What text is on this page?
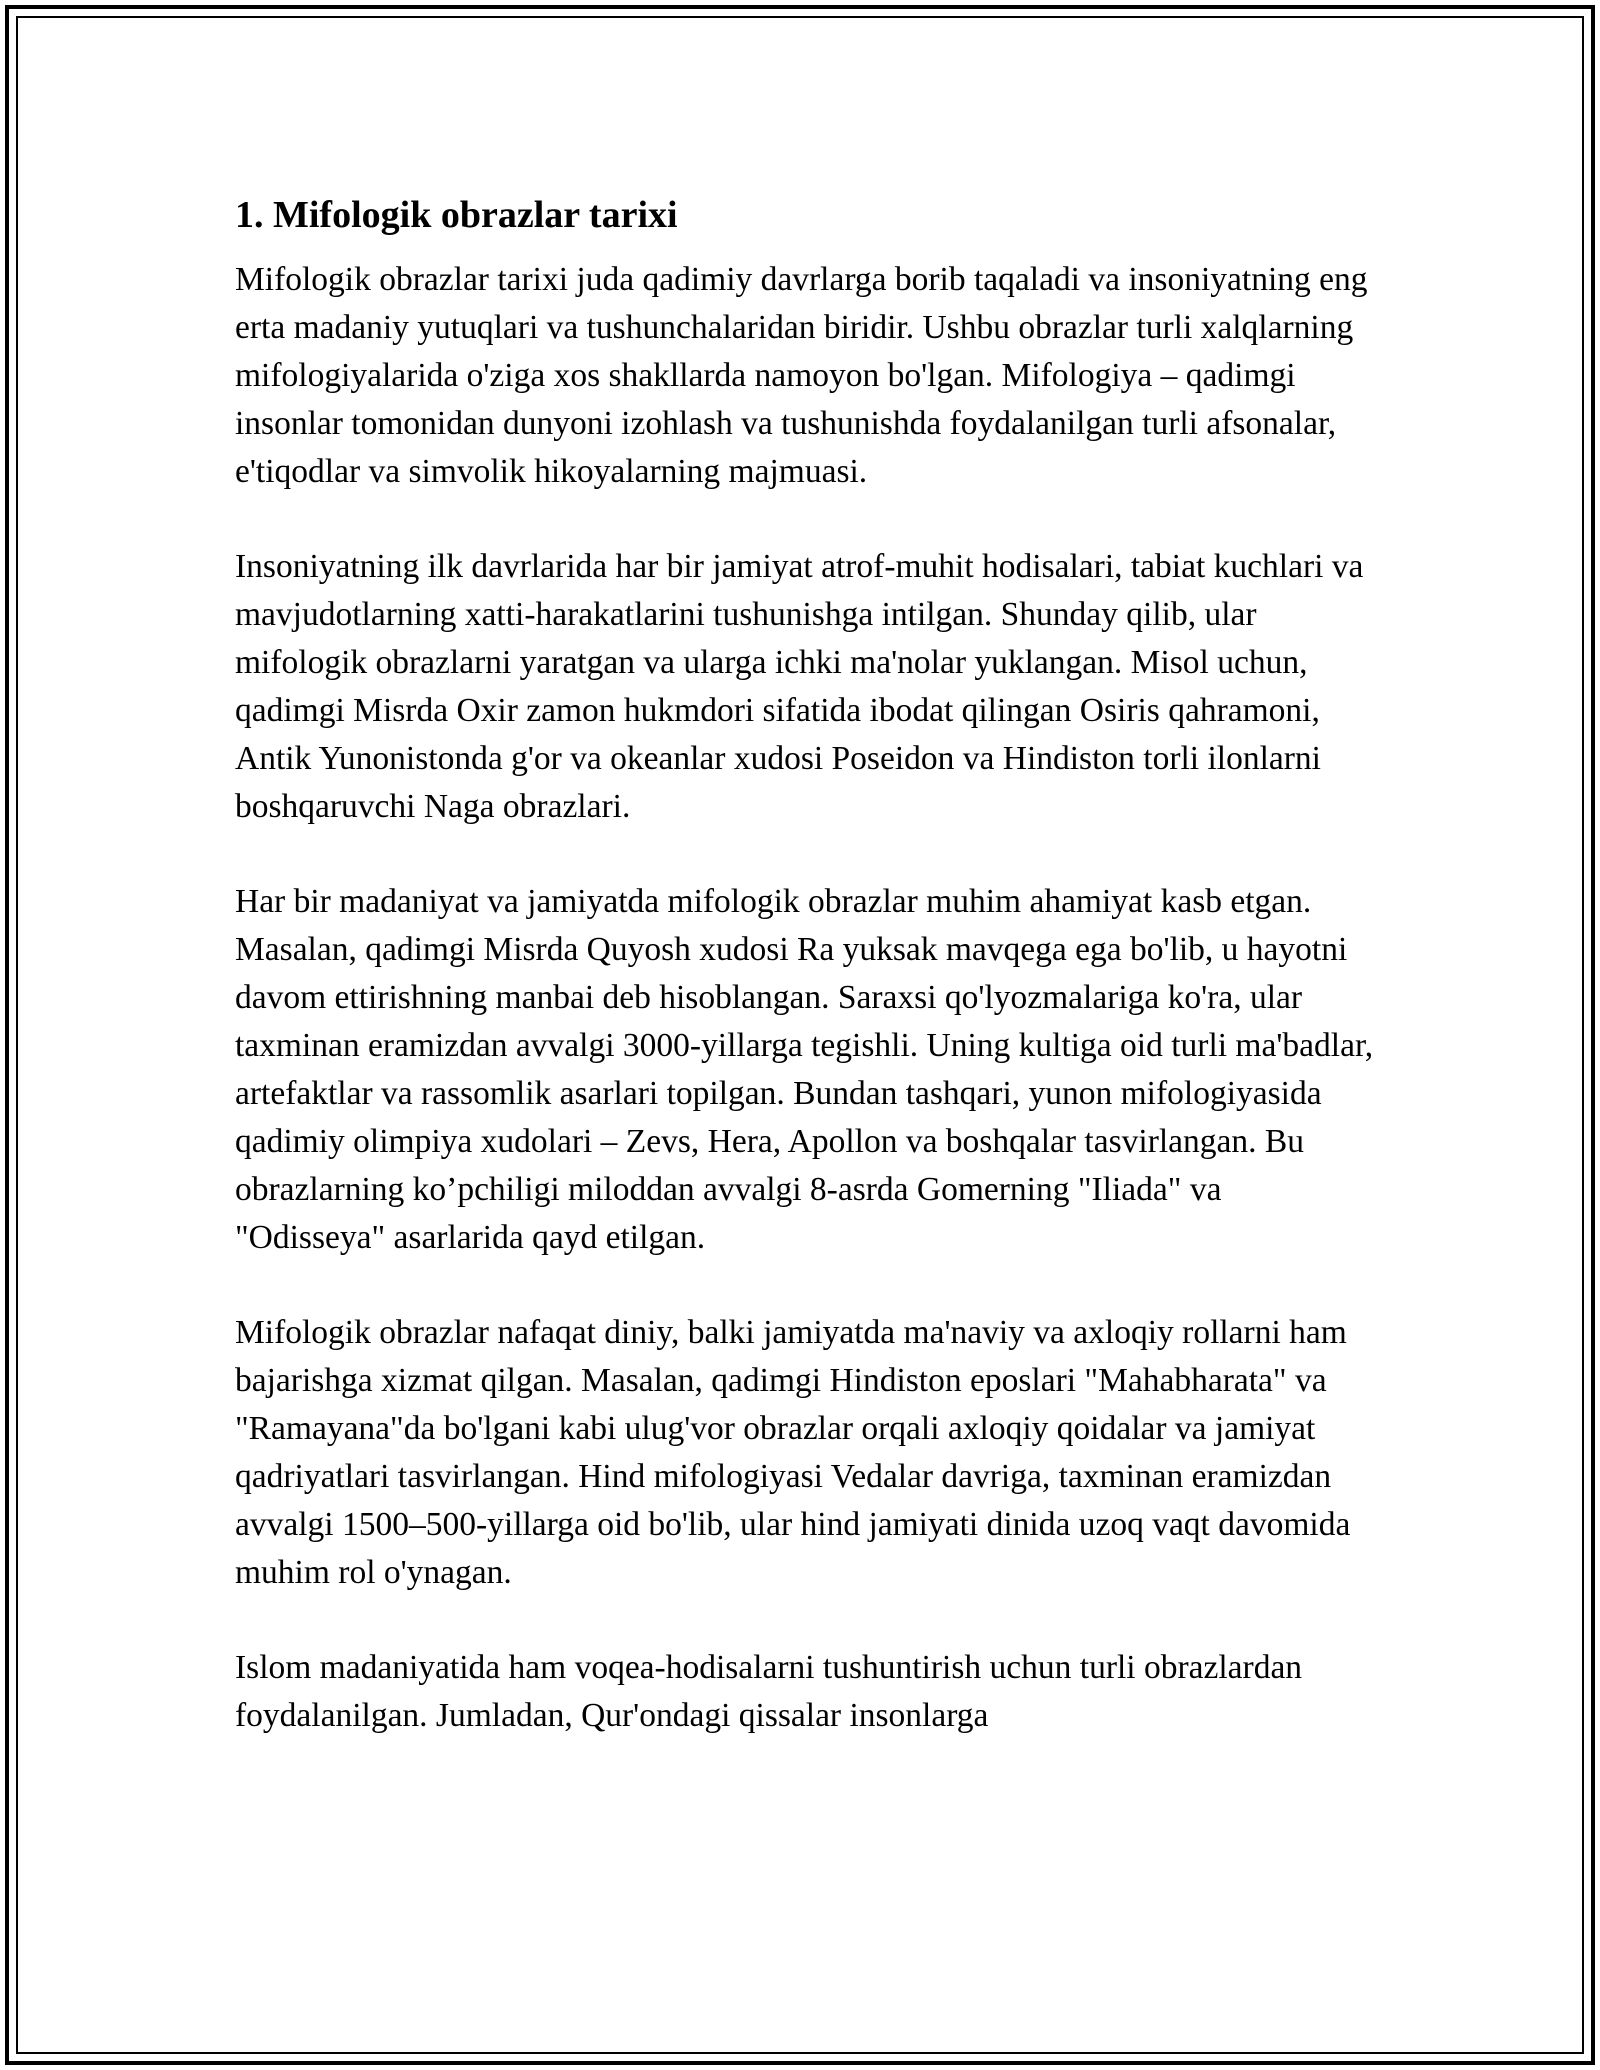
1. Mifologik obrazlar tarixi

Mifologik obrazlar tarixi juda qadimiy davrlarga borib taqaladi va insoniyatning eng erta madaniy yutuqlari va tushunchalaridan biridir. Ushbu obrazlar turli xalqlarning mifologiyalarida o'ziga xos shakllarda namoyon bo'lgan. Mifologiya – qadimgi insonlar tomonidan dunyoni izohlash va tushunishda foydalanilgan turli afsonalar, e'tiqodlar va simvolik hikoyalarning majmuasi.

Insoniyatning ilk davrlarida har bir jamiyat atrof-muhit hodisalari, tabiat kuchlari va mavjudotlarning xatti-harakatlarini tushunishga intilgan. Shunday qilib, ular mifologik obrazlarni yaratgan va ularga ichki ma'nolar yuklangan. Misol uchun, qadimgi Misrda Oxir zamon hukmdori sifatida ibodat qilingan Osiris qahramoni, Antik Yunonistonda g'or va okeanlar xudosi Poseidon va Hindiston torli ilonlarni boshqaruvchi Naga obrazlari.

Har bir madaniyat va jamiyatda mifologik obrazlar muhim ahamiyat kasb etgan. Masalan, qadimgi Misrda Quyosh xudosi Ra yuksak mavqega ega bo'lib, u hayotni davom ettirishning manbai deb hisoblangan. Saraxsi qo'lyozmalariga ko'ra, ular taxminan eramizdan avvalgi 3000-yillarga tegishli. Uning kultiga oid turli ma'badlar, artefaktlar va rassomlik asarlari topilgan. Bundan tashqari, yunon mifologiyasida qadimiy olimpiya xudolari – Zevs, Hera, Apollon va boshqalar tasvirlangan. Bu obrazlarning ko’pchiligi miloddan avvalgi 8-asrda Gomerning "Iliada" va "Odisseya" asarlarida qayd etilgan.

Mifologik obrazlar nafaqat diniy, balki jamiyatda ma'naviy va axloqiy rollarni ham bajarishga xizmat qilgan. Masalan, qadimgi Hindiston eposlari "Mahabharata" va "Ramayana"da bo'lgani kabi ulug'vor obrazlar orqali axloqiy qoidalar va jamiyat qadriyatlari tasvirlangan. Hind mifologiyasi Vedalar davriga, taxminan eramizdan avvalgi 1500–500-yillarga oid bo'lib, ular hind jamiyati dinida uzoq vaqt davomida muhim rol o'ynagan.

Islom madaniyatida ham voqea-hodisalarni tushuntirish uchun turli obrazlardan foydalanilgan. Jumladan, Qur'ondagi qissalar insonlarga
